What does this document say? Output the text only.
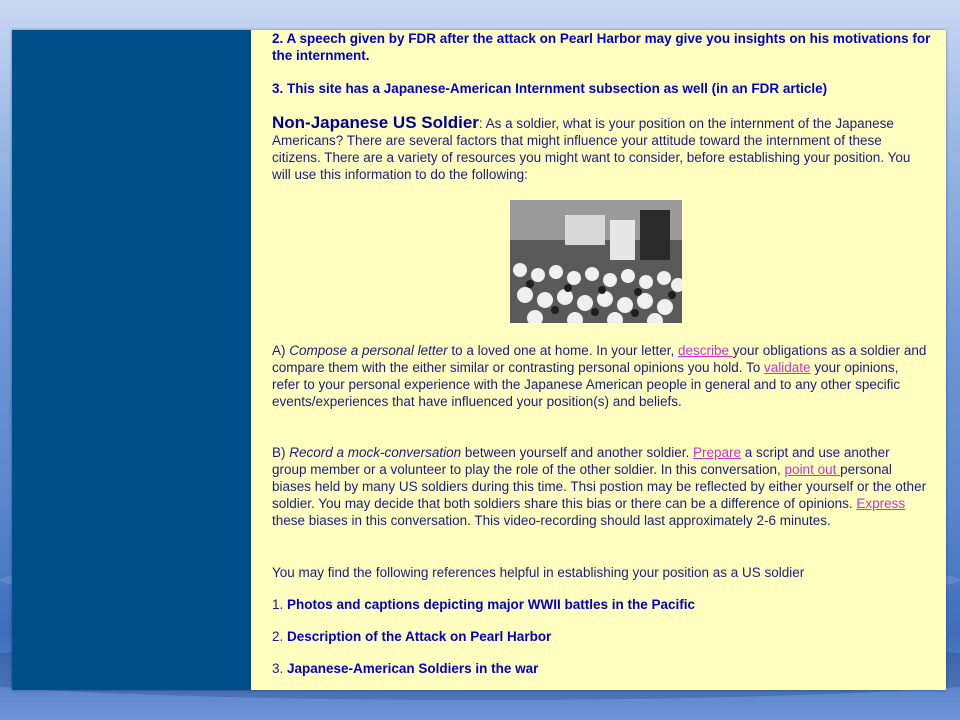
2. A speech given by FDR after the attack on Pearl Harbor may give you insights on his motivations for the internment.

3. This site has a Japanese-American Internment subsection as well (in an FDR article)

Non-Japanese US Soldier: As a soldier, what is your position on the internment of the Japanese Americans? There are several factors that might influence your attitude toward the internment of these citizens. There are a variety of resources you might want to consider, before establishing your position. You will use this information to do the following:

A) Compose a personal letter to a loved one at home. In your letter, describe your obligations as a soldier and compare them with the either similar or contrasting personal opinions you hold. To validate your opinions, refer to your personal experience with the Japanese American people in general and to any other specific events/experiences that have influenced your position(s) and beliefs.

B) Record a mock-conversation between yourself and another soldier. Prepare a script and use another group member or a volunteer to play the role of the other soldier. In this conversation, point out personal biases held by many US soldiers during this time. Thsi postion may be reflected by either yourself or the other soldier. You may decide that both soldiers share this bias or there can be a difference of opinions. Express these biases in this conversation. This video-recording should last approximately 2-6 minutes.

You may find the following references helpful in establishing your position as a US soldier

1. Photos and captions depicting major WWII battles in the Pacific

2. Description of the Attack on Pearl Harbor

3. Japanese-American Soldiers in the war
